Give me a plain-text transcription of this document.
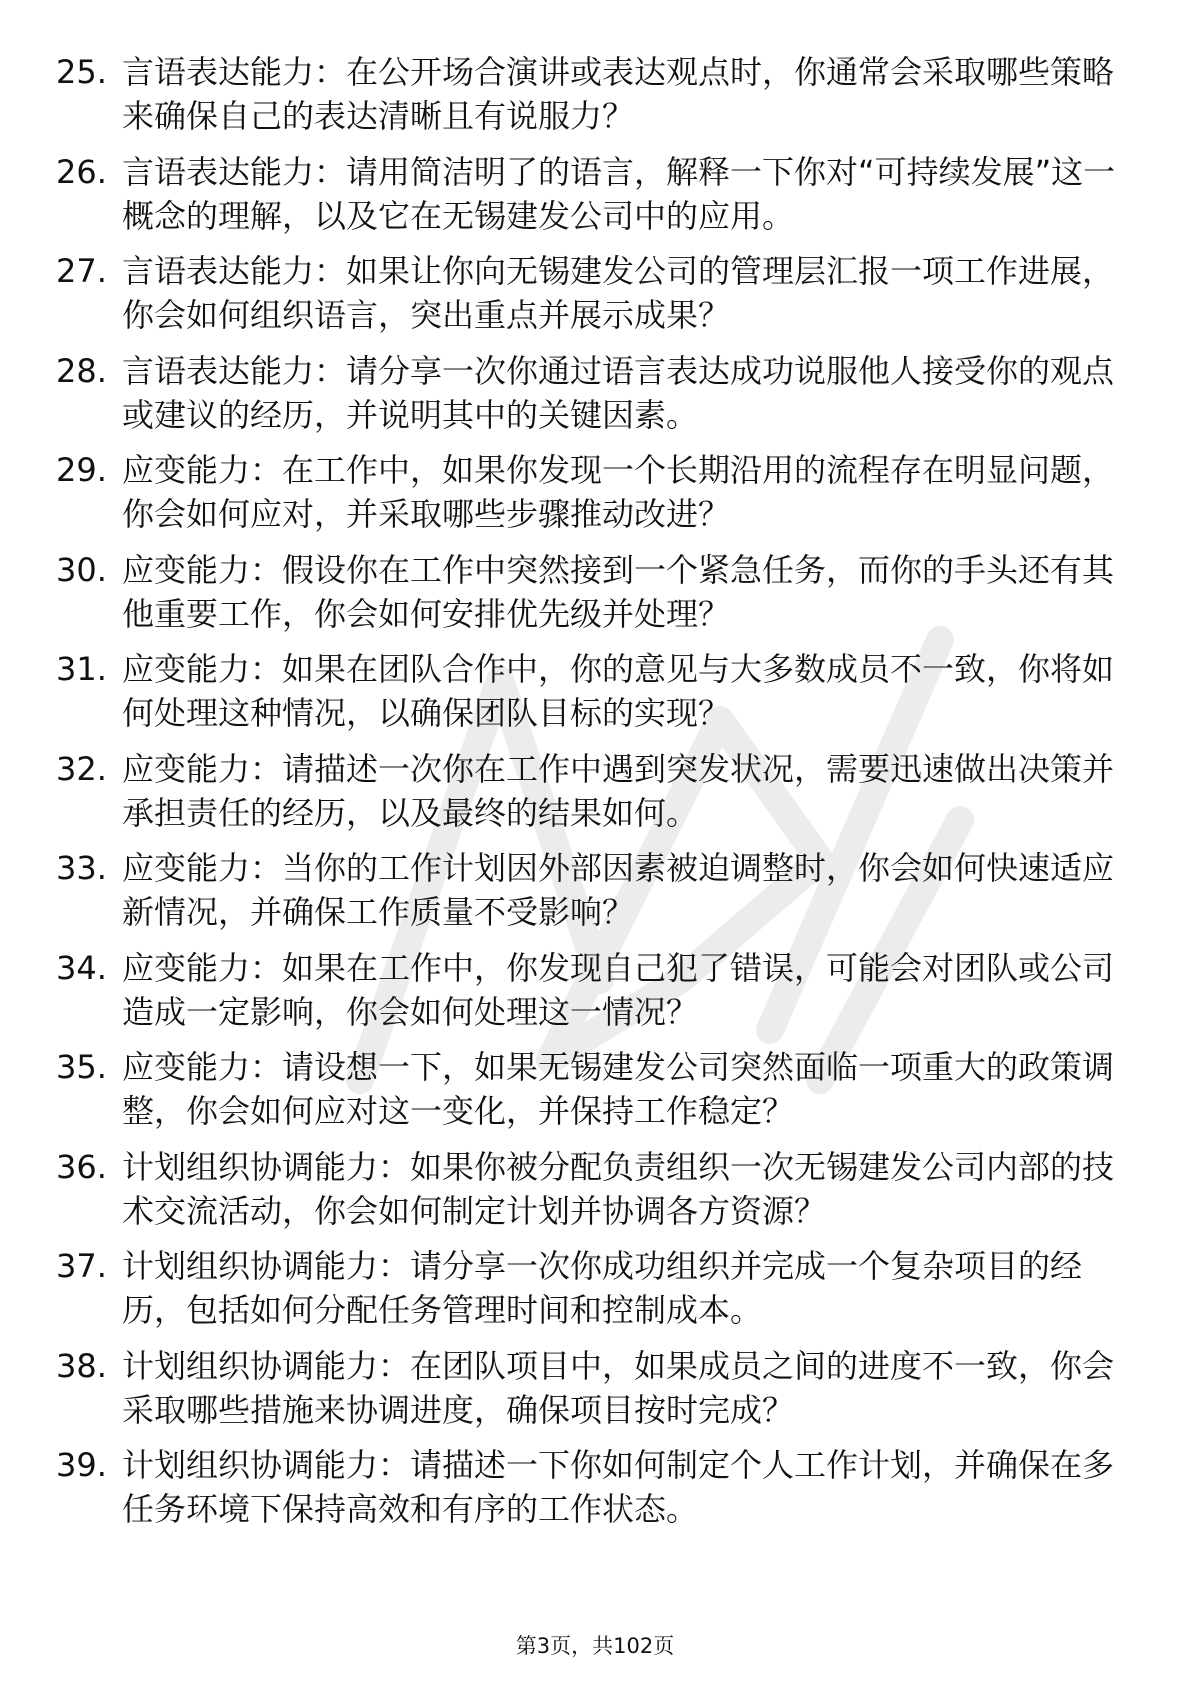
25. 言语表达能力：在公开场合演讲或表达观点时，你通常会采取哪些策略来确保自己的表达清晰且有说服力？
26. 言语表达能力：请用简洁明了的语言，解释一下你对“可持续发展”这一概念的理解，以及它在无锡建发公司中的应用。
27. 言语表达能力：如果让你向无锡建发公司的管理层汇报一项工作进展，你会如何组织语言，突出重点并展示成果？
28. 言语表达能力：请分享一次你通过语言表达成功说服他人接受你的观点或建议的经历，并说明其中的关键因素。
29. 应变能力：在工作中，如果你发现一个长期沿用的流程存在明显问题，你会如何应对，并采取哪些步骤推动改进？
30. 应变能力：假设你在工作中突然接到一个紧急任务，而你的手头还有其他重要工作，你会如何安排优先级并处理？
31. 应变能力：如果在团队合作中，你的意见与大多数成员不一致，你将如何处理这种情况，以确保团队目标的实现？
32. 应变能力：请描述一次你在工作中遇到突发状况，需要迅速做出决策并承担责任的经历，以及最终的结果如何。
33. 应变能力：当你的工作计划因外部因素被迫调整时，你会如何快速适应新情况，并确保工作质量不受影响？
34. 应变能力：如果在工作中，你发现自己犯了错误，可能会对团队或公司造成一定影响，你会如何处理这一情况？
35. 应变能力：请设想一下，如果无锡建发公司突然面临一项重大的政策调整，你会如何应对这一变化，并保持工作稳定？
36. 计划组织协调能力：如果你被分配负责组织一次无锡建发公司内部的技术交流活动，你会如何制定计划并协调各方资源？
37. 计划组织协调能力：请分享一次你成功组织并完成一个复杂项目的经历，包括如何分配任务管理时间和控制成本。
38. 计划组织协调能力：在团队项目中，如果成员之间的进度不一致，你会采取哪些措施来协调进度，确保项目按时完成？
39. 计划组织协调能力：请描述一下你如何制定个人工作计划，并确保在多任务环境下保持高效和有序的工作状态。
第3页，共102页
